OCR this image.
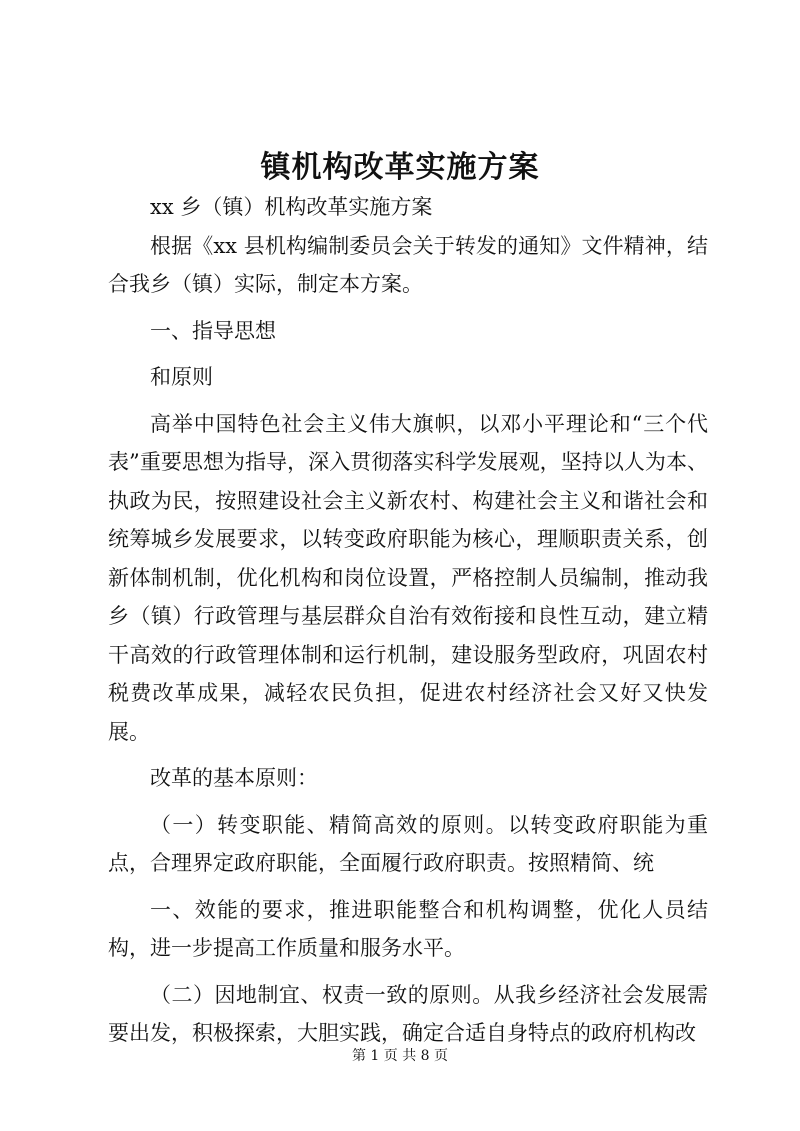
镇机构改革实施方案

xx 乡（镇）机构改革实施方案

根据《xx 县机构编制委员会关于转发的通知》文件精神，结合我乡（镇）实际，制定本方案。

一、指导思想

和原则

高举中国特色社会主义伟大旗帜，以邓小平理论和“三个代表”重要思想为指导，深入贯彻落实科学发展观，坚持以人为本、执政为民，按照建设社会主义新农村、构建社会主义和谐社会和统筹城乡发展要求，以转变政府职能为核心，理顺职责关系，创新体制机制，优化机构和岗位设置，严格控制人员编制，推动我乡（镇）行政管理与基层群众自治有效衔接和良性互动，建立精干高效的行政管理体制和运行机制，建设服务型政府，巩固农村税费改革成果，减轻农民负担，促进农村经济社会又好又快发展。

改革的基本原则：

（一）转变职能、精简高效的原则。以转变政府职能为重点，合理界定政府职能，全面履行政府职责。按照精简、统

一、效能的要求，推进职能整合和机构调整，优化人员结构，进一步提高工作质量和服务水平。

（二）因地制宜、权责一致的原则。从我乡经济社会发展需要出发，积极探索，大胆实践，确定合适自身特点的政府机构改

第 1 页 共 8 页
